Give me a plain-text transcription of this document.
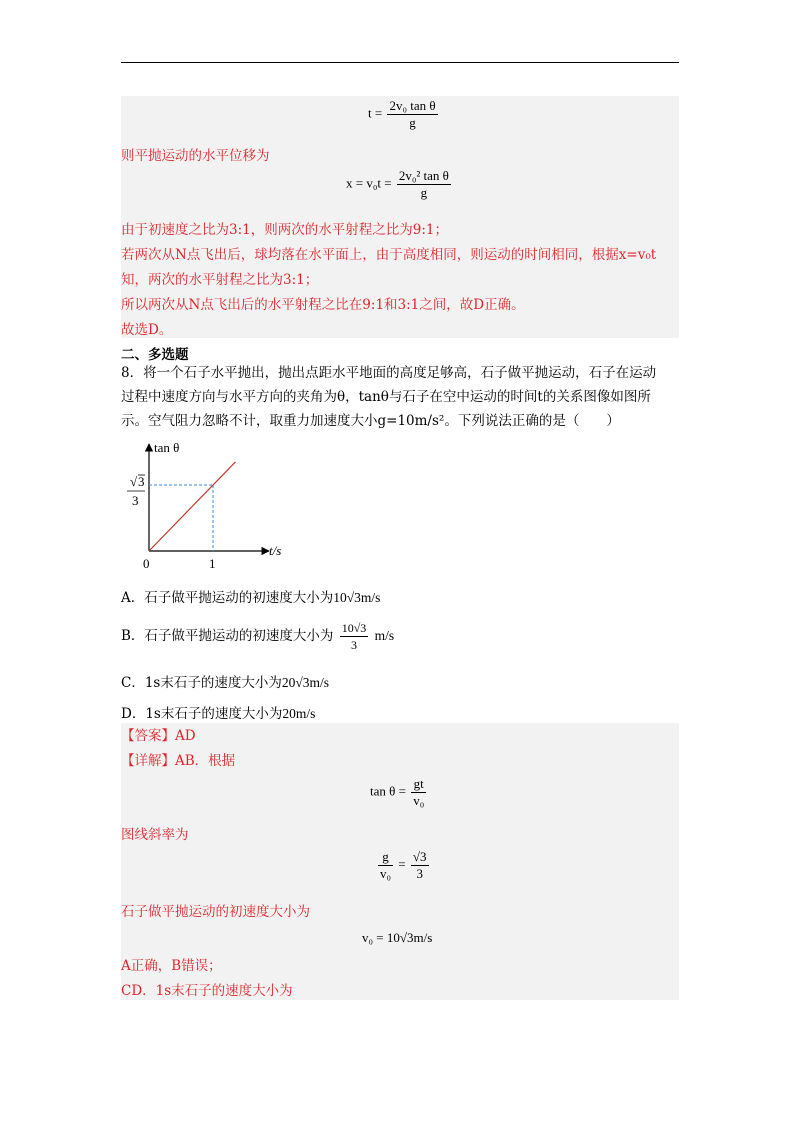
$t = \frac{\text{2v₀ tan θ}}{g}$
则平抛运动的水平位移为
$x = v_0t = \frac{\text{2v₀² tan θ}}{g}$
由于初速度之比为3:1，则两次的水平射程之比为9:1；
若两次从N点飞出后，球均落在水平面上，由于高度相同，则运动的时间相同，根据x=v₀t
知，两次的水平射程之比为3:1；
所以两次从N点飞出后的水平射程之比在9:1和3:1之间，故D正确。
故选D。
二、多选题
8．将一个石子水平抛出，抛出点距水平地面的高度足够高，石子做平抛运动，石子在运动
过程中速度方向与水平方向的夹角为θ，tanθ与石子在空中运动的时间t的关系图像如图所
示。空气阻力忽略不计，取重力加速度大小g=10m/s²。下列说法正确的是（　　）
tan θ
t/s
0	1
√ 3
3
A．石子做平抛运动的初速度大小为10√3m/s
B．石子做平抛运动的初速度大小为 $\frac{10√3}{3} m/s$
C．1s末石子的速度大小为20√3m/s
D．1s末石子的速度大小为20m/s
【答案】AD
【详解】AB．根据
$\tan \theta = \frac{gt}{\text{v₀}}$
图线斜率为
$\frac{g}{\text{v₀}} = \frac{√3}{3}$
石子做平抛运动的初速度大小为
v₀ = 10√3m/s
A正确，B错误；
CD．1s末石子的速度大小为
